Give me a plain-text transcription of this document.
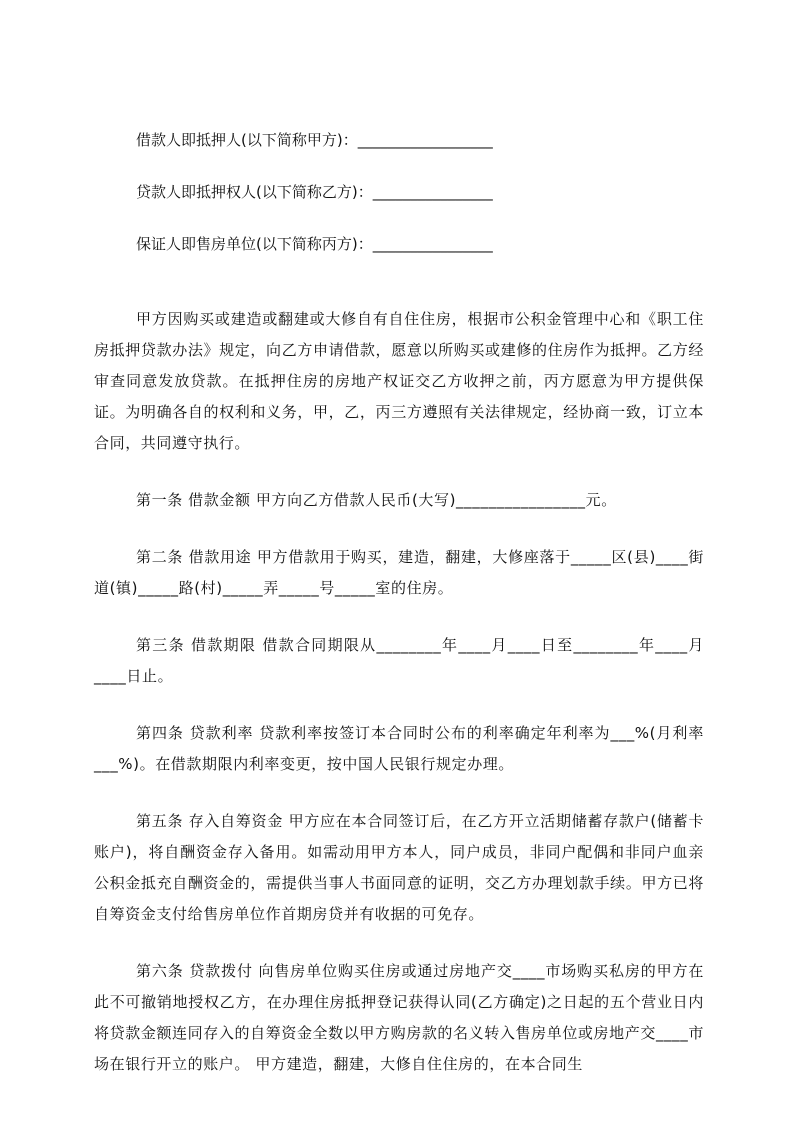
借款人即抵押人(以下简称甲方)：__________________

贷款人即抵押权人(以下简称乙方)：________________

保证人即售房单位(以下简称丙方)：________________

甲方因购买或建造或翻建或大修自有自住住房，根据市公积金管理中心和《职工住房抵押贷款办法》规定，向乙方申请借款，愿意以所购买或建修的住房作为抵押。乙方经审查同意发放贷款。在抵押住房的房地产权证交乙方收押之前，丙方愿意为甲方提供保证。为明确各自的权利和义务，甲，乙，丙三方遵照有关法律规定，经协商一致，订立本合同，共同遵守执行。

第一条 借款金额 甲方向乙方借款人民币(大写)________________元。

第二条 借款用途 甲方借款用于购买，建造，翻建，大修座落于_____区(县)____街道(镇)_____路(村)_____弄_____号_____室的住房。

第三条 借款期限 借款合同期限从________年____月____日至________年____月____日止。

第四条 贷款利率 贷款利率按签订本合同时公布的利率确定年利率为___%(月利率___%)。在借款期限内利率变更，按中国人民银行规定办理。

第五条 存入自筹资金 甲方应在本合同签订后，在乙方开立活期储蓄存款户(储蓄卡账户)，将自酬资金存入备用。如需动用甲方本人，同户成员，非同户配偶和非同户血亲公积金抵充自酬资金的，需提供当事人书面同意的证明，交乙方办理划款手续。甲方已将自筹资金支付给售房单位作首期房贷并有收据的可免存。

第六条 贷款拨付 向售房单位购买住房或通过房地产交____市场购买私房的甲方在此不可撤销地授权乙方，在办理住房抵押登记获得认同(乙方确定)之日起的五个营业日内将贷款金额连同存入的自筹资金全数以甲方购房款的名义转入售房单位或房地产交____市场在银行开立的账户。 甲方建造，翻建，大修自住住房的，在本合同生
